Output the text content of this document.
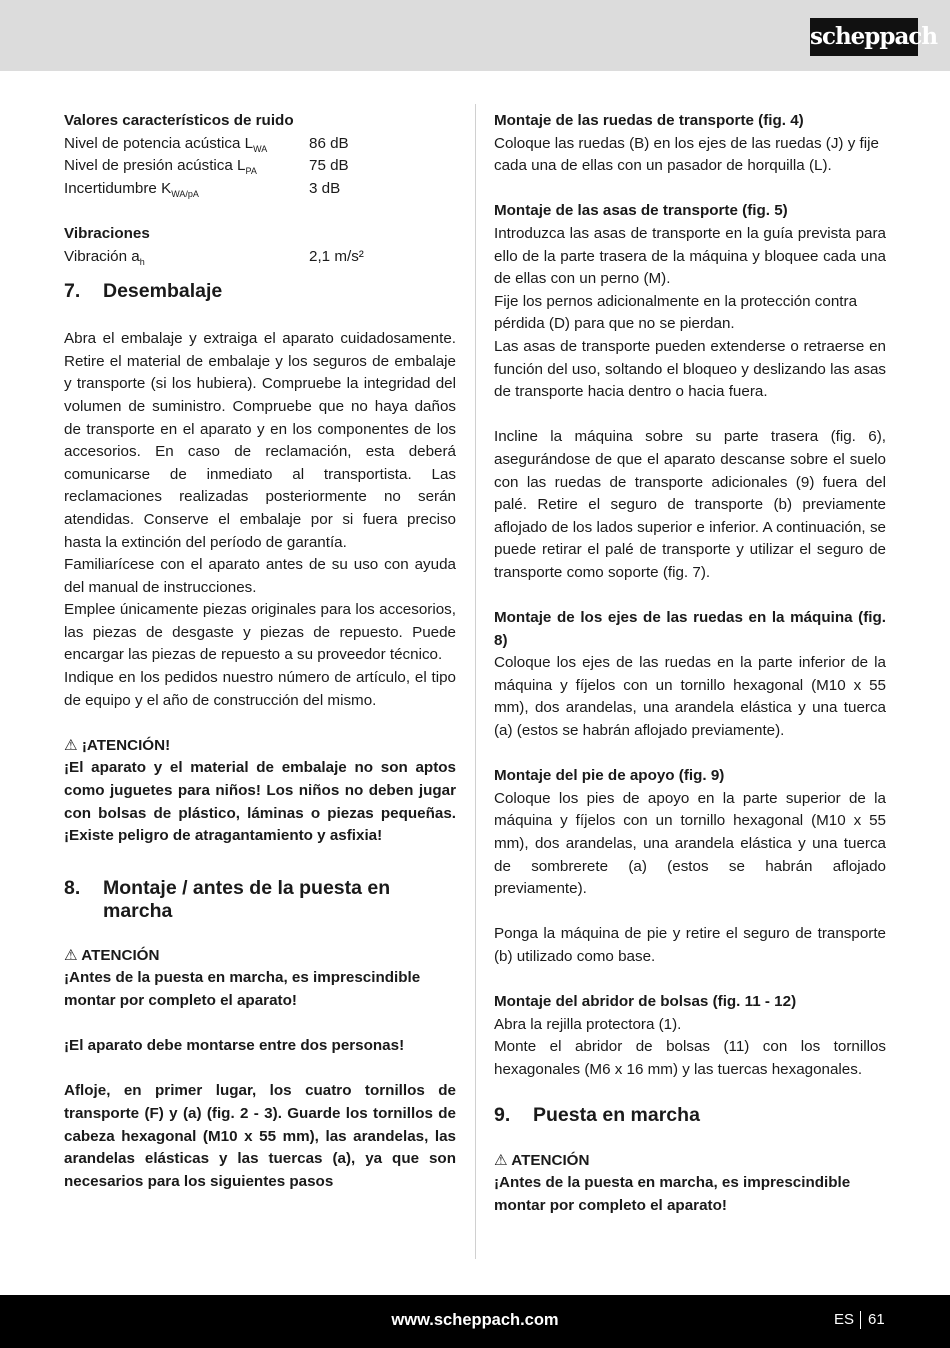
scheppach

Valores característicos de ruido

Nivel de potencia acústica $L_{WA}$	86 dB
Nivel de presión acústica $L_{PA}$	75 dB
Incertidumbre $K_{WA/pA}$	3 dB

Vibraciones

Vibración $a_h$	2,1 m/s²
7.	Desembalaje

Abra el embalaje y extraiga el aparato cuidadosamente. Retire el material de embalaje y los seguros de embalaje y transporte (si los hubiera). Compruebe la integridad del volumen de suministro. Compruebe que no haya daños de transporte en el aparato y en los componentes de los accesorios. En caso de reclamación, esta deberá comunicarse de inmediato al transportista. Las reclamaciones realizadas posteriormente no serán atendidas. Conserve el embalaje por si fuera preciso hasta la extinción del período de garantía.

Familiarícese con el aparato antes de su uso con ayuda del manual de instrucciones.

Emplee únicamente piezas originales para los accesorios, las piezas de desgaste y piezas de repuesto. Puede encargar las piezas de repuesto a su proveedor técnico.

Indique en los pedidos nuestro número de artículo, el tipo de equipo y el año de construcción del mismo.

⚠ ¡ATENCIÓN!

¡El aparato y el material de embalaje no son aptos como juguetes para niños! Los niños no deben jugar con bolsas de plástico, láminas o piezas pequeñas. ¡Existe peligro de atragantamiento y asfixia!

8.	Montaje / antes de la puesta en marcha

⚠ ATENCIÓN

¡Antes de la puesta en marcha, es imprescindible montar por completo el aparato!

¡El aparato debe montarse entre dos personas!

Afloje, en primer lugar, los cuatro tornillos de transporte (F) y (a) (fig. 2 - 3). Guarde los tornillos de cabeza hexagonal (M10 x 55 mm), las arandelas, las arandelas elásticas y las tuercas (a), ya que son necesarios para los siguientes pasos

Montaje de las ruedas de transporte (fig. 4)

Coloque las ruedas (B) en los ejes de las ruedas (J) y fije cada una de ellas con un pasador de horquilla (L).

Montaje de las asas de transporte (fig. 5)

Introduzca las asas de transporte en la guía prevista para ello de la parte trasera de la máquina y bloquee cada una de ellas con un perno (M).

Fije los pernos adicionalmente en la protección contra pérdida (D) para que no se pierdan.

Las asas de transporte pueden extenderse o retraerse en función del uso, soltando el bloqueo y deslizando las asas de transporte hacia dentro o hacia fuera.

Incline la máquina sobre su parte trasera (fig. 6), asegurándose de que el aparato descanse sobre el suelo con las ruedas de transporte adicionales (9) fuera del palé. Retire el seguro de transporte (b) previamente aflojado de los lados superior e inferior. A continuación, se puede retirar el palé de transporte y utilizar el seguro de transporte como soporte (fig. 7).

Montaje de los ejes de las ruedas en la máquina (fig. 8)

Coloque los ejes de las ruedas en la parte inferior de la máquina y fíjelos con un tornillo hexagonal (M10 x 55 mm), dos arandelas, una arandela elástica y una tuerca (a) (estos se habrán aflojado previamente).

Montaje del pie de apoyo (fig. 9)

Coloque los pies de apoyo en la parte superior de la máquina y fíjelos con un tornillo hexagonal (M10 x 55 mm), dos arandelas, una arandela elástica y una tuerca de sombrerete (a) (estos se habrán aflojado previamente).

Ponga la máquina de pie y retire el seguro de transporte (b) utilizado como base.

Montaje del abridor de bolsas (fig. 11 - 12)

Abra la rejilla protectora (1).

Monte el abridor de bolsas (11) con los tornillos hexagonales (M6 x 16 mm) y las tuercas hexagonales.

9.	Puesta en marcha

⚠ ATENCIÓN

¡Antes de la puesta en marcha, es imprescindible montar por completo el aparato!

www.scheppach.com	ES 61
